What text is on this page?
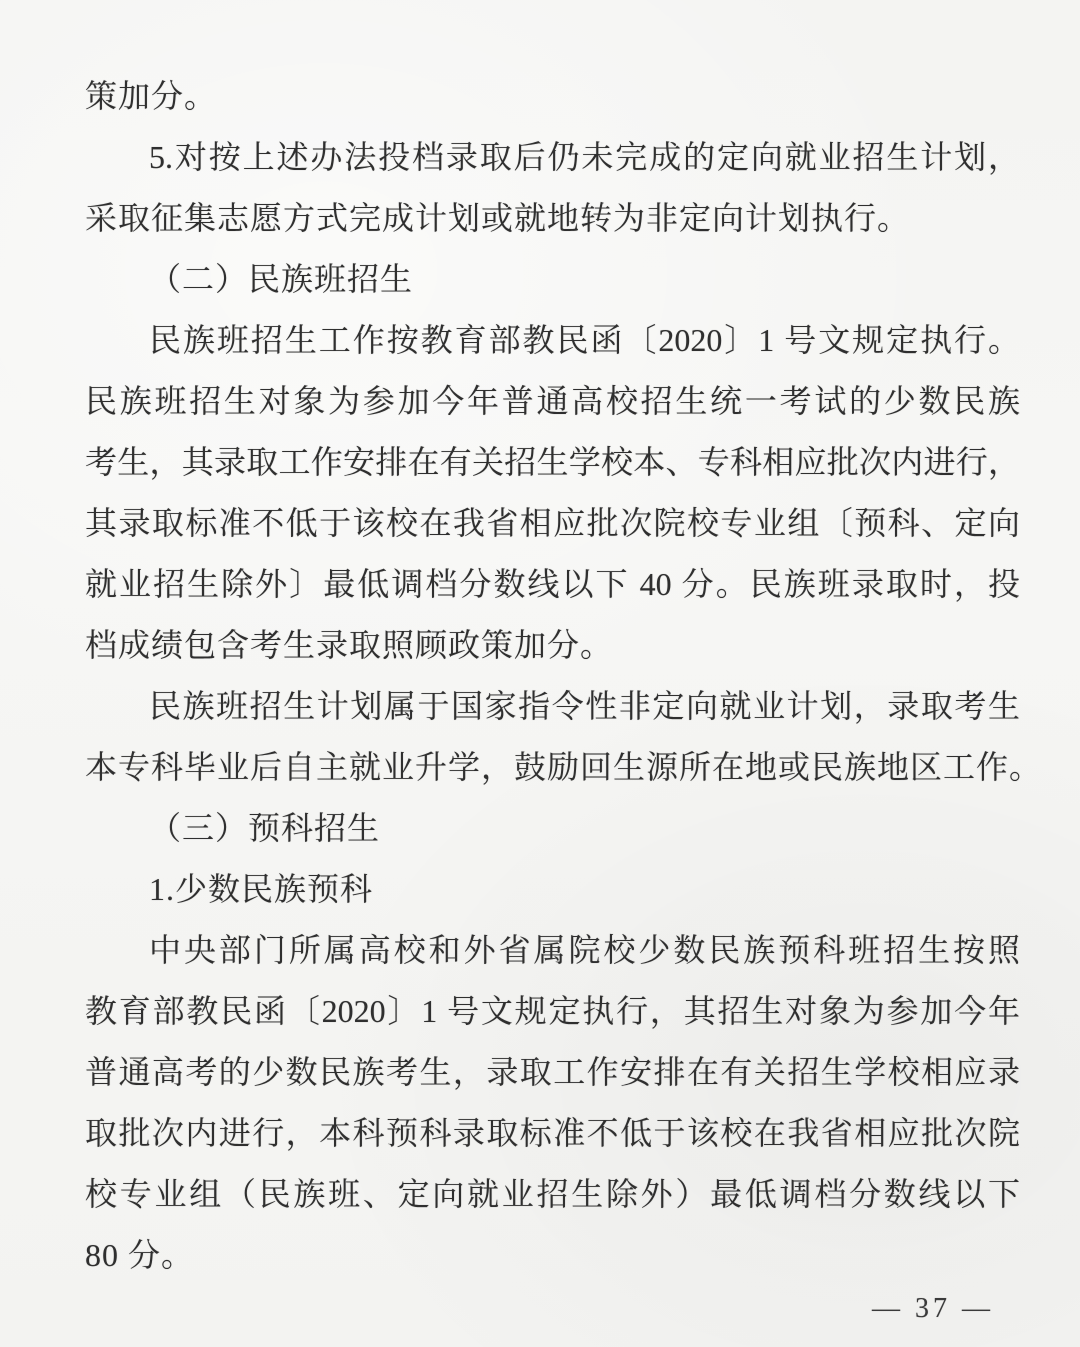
策加分。
5.对按上述办法投档录取后仍未完成的定向就业招生计划，
采取征集志愿方式完成计划或就地转为非定向计划执行。
（二）民族班招生
民族班招生工作按教育部教民函〔2020〕1 号文规定执行。
民族班招生对象为参加今年普通高校招生统一考试的少数民族
考生，其录取工作安排在有关招生学校本、专科相应批次内进行，
其录取标准不低于该校在我省相应批次院校专业组〔预科、定向
就业招生除外〕最低调档分数线以下 40 分。民族班录取时，投
档成绩包含考生录取照顾政策加分。
民族班招生计划属于国家指令性非定向就业计划，录取考生
本专科毕业后自主就业升学，鼓励回生源所在地或民族地区工作。
（三）预科招生
1.少数民族预科
中央部门所属高校和外省属院校少数民族预科班招生按照
教育部教民函〔2020〕1 号文规定执行，其招生对象为参加今年
普通高考的少数民族考生，录取工作安排在有关招生学校相应录
取批次内进行，本科预科录取标准不低于该校在我省相应批次院
校专业组（民族班、定向就业招生除外）最低调档分数线以下
80 分。
— 37 —
